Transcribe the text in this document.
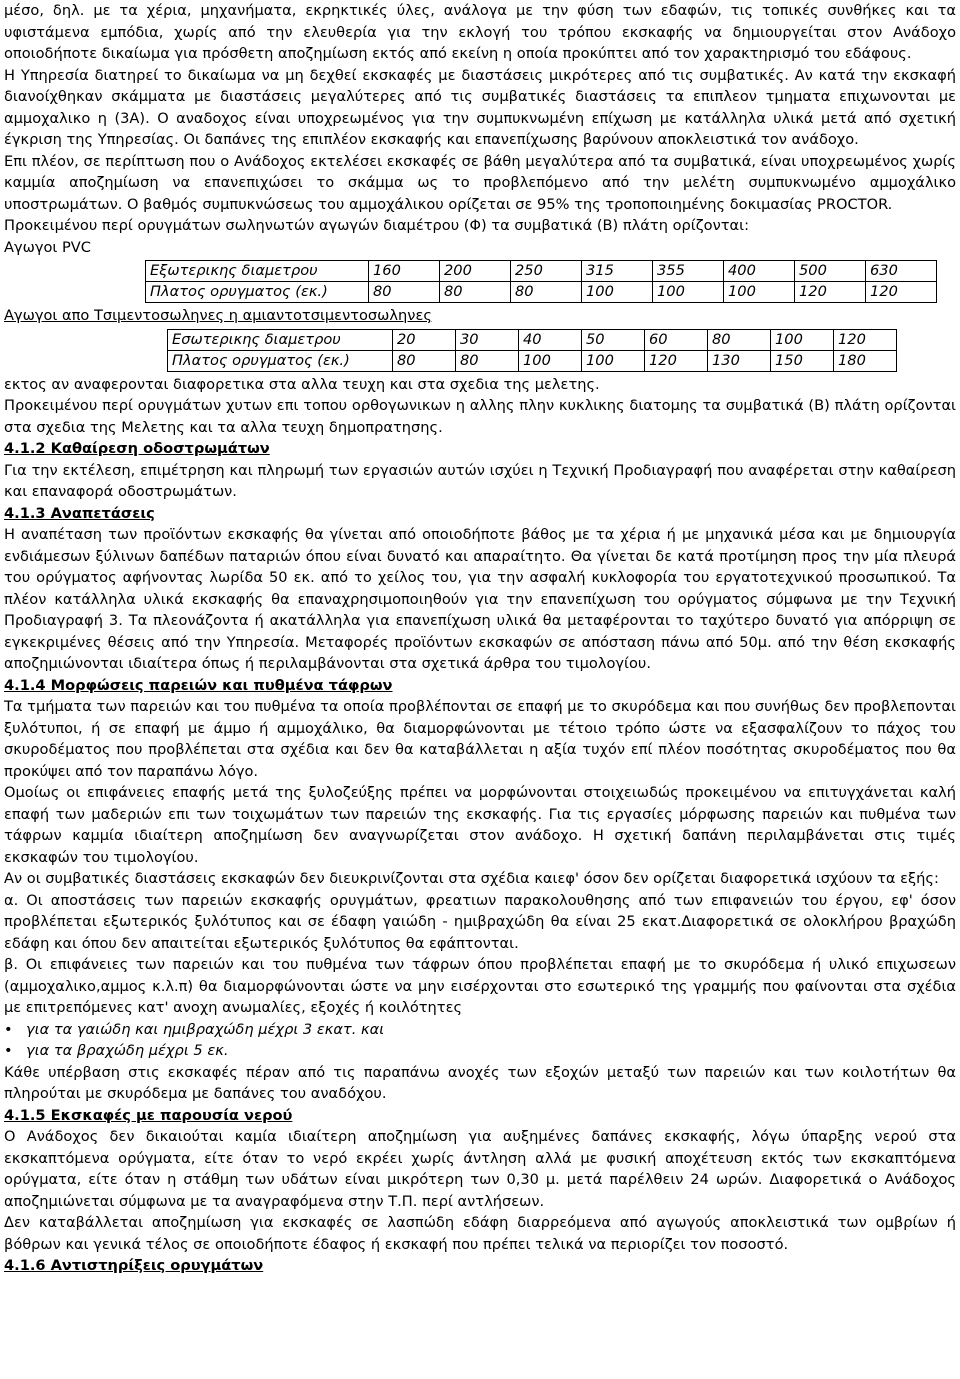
μέσο, δηλ. με τα χέρια, μηχανήματα, εκρηκτικές ύλες, ανάλογα με την φύση των εδαφών, τις τοπικές συνθήκες και τα υφιστάμενα εμπόδια, χωρίς από την ελευθερία για την εκλογή του τρόπου εκσκαφής να δημιουργείται στον Ανάδοχο οποιοδήποτε δικαίωμα για πρόσθετη αποζημίωση εκτός από εκείνη η οποία προκύπτει από τον χαρακτηρισμό του εδάφους.

Η Υπηρεσία διατηρεί το δικαίωμα να μη δεχθεί εκσκαφές με διαστάσεις μικρότερες από τις συμβατικές. Αν κατά την εκσκαφή διανοίχθηκαν σκάμματα με διαστάσεις μεγαλύτερες από τις συμβατικές διαστάσεις τα επιπλεον τμηματα επιχωνονται με αμμοχαλικο η (3Α). Ο αναδοχος είναι υποχρεωμένος για την συμπυκνωμένη επίχωση με κατάλληλα υλικά μετά από σχετική έγκριση της Υπηρεσίας. Οι δαπάνες της επιπλέον εκσκαφής και επανεπίχωσης βαρύνουν αποκλειστικά τον ανάδοχο.

Επι πλέον, σε περίπτωση που ο Ανάδοχος εκτελέσει εκσκαφές σε βάθη μεγαλύτερα από τα συμβατικά, είναι υποχρεωμένος χωρίς καμμία αποζημίωση να επανεπιχώσει το σκάμμα ως το προβλεπόμενο από την μελέτη συμπυκνωμένο αμμοχάλικο υποστρωμάτων. Ο βαθμός συμπυκνώσεως του αμμοχάλικου ορίζεται σε 95% της τροποποιημένης δοκιμασίας PROCTOR.

Προκειμένου περί ορυγμάτων σωληνωτών αγωγών διαμέτρου (Φ) τα συμβατικά (Β) πλάτη ορίζονται:

Αγωγοι PVC

Εξωτερικης διαμετρου	160	200	250	315	355	400	500	630
Πλατος ορυγματος (εκ.)	80	80	80	100	100	100	120	120

Αγωγοι απο Τσιμεντοσωληνες η αμιαντοτσιμεντοσωληνες

Εσωτερικης διαμετρου	20	30	40	50	60	80	100	120
Πλατος ορυγματος (εκ.)	80	80	100	100	120	130	150	180

εκτος αν αναφερονται διαφορετικα στα αλλα τευχη και στα σχεδια της μελετης.

Προκειμένου περί ορυγμάτων χυτων επι τοπου ορθογωνικων η αλλης πλην κυκλικης διατομης τα συμβατικά (Β) πλάτη ορίζονται στα σχεδια της Μελετης και τα αλλα τευχη δημοπρατησης.

4.1.2 Καθαίρεση οδοστρωμάτων

Για την εκτέλεση, επιμέτρηση και πληρωμή των εργασιών αυτών ισχύει η Τεχνική Προδιαγραφή που αναφέρεται στην καθαίρεση και επαναφορά οδοστρωμάτων.

4.1.3 Αναπετάσεις

Η αναπέταση των προϊόντων εκσκαφής θα γίνεται από οποιοδήποτε βάθος με τα χέρια ή με μηχανικά μέσα και με δημιουργία ενδιάμεσων ξύλινων δαπέδων παταριών όπου είναι δυνατό και απαραίτητο. Θα γίνεται δε κατά προτίμηση προς την μία πλευρά του ορύγματος αφήνοντας λωρίδα 50 εκ. από το χείλος του, για την ασφαλή κυκλοφορία του εργατοτεχνικού προσωπικού. Τα πλέον κατάλληλα υλικά εκσκαφής θα επαναχρησιμοποιηθούν για την επανεπίχωση του ορύγματος σύμφωνα με την Τεχνική Προδιαγραφή 3. Τα πλεονάζοντα ή ακατάλληλα για επανεπίχωση υλικά θα μεταφέρονται το ταχύτερο δυνατό για απόρριψη σε εγκεκριμένες θέσεις από την Υπηρεσία. Μεταφορές προϊόντων εκσκαφών σε απόσταση πάνω από 50μ. από την θέση εκσκαφής αποζημιώνονται ιδιαίτερα όπως ή περιλαμβάνονται στα σχετικά άρθρα του τιμολογίου.

4.1.4 Μορφώσεις παρειών και πυθμένα τάφρων

Τα τμήματα των παρειών και του πυθμένα τα οποία προβλέπονται σε επαφή με το σκυρόδεμα και που συνήθως δεν προβλεπονται ξυλότυποι, ή σε επαφή με άμμο ή αμμοχάλικο, θα διαμορφώνονται με τέτοιο τρόπο ώστε να εξασφαλίζουν το πάχος του σκυροδέματος που προβλέπεται στα σχέδια και δεν θα καταβάλλεται η αξία τυχόν επί πλέον ποσότητας σκυροδέματος που θα προκύψει από τον παραπάνω λόγο.

Ομοίως οι επιφάνειες επαφής μετά της ξυλοζεύξης πρέπει να μορφώνονται στοιχειωδώς προκειμένου να επιτυγχάνεται καλή επαφή των μαδεριών επι των τοιχωμάτων των παρειών της εκσκαφής. Για τις εργασίες μόρφωσης παρειών και πυθμένα των τάφρων καμμία ιδιαίτερη αποζημίωση δεν αναγνωρίζεται στον ανάδοχο. Η σχετική δαπάνη περιλαμβάνεται στις τιμές εκσκαφών του τιμολογίου.

Αν οι συμβατικές διαστάσεις εκσκαφών δεν διευκρινίζονται στα σχέδια καιεφ' όσον δεν ορίζεται διαφορετικά ισχύουν τα εξής:

α. Οι αποστάσεις των παρειών εκσκαφής ορυγμάτων, φρεατιων παρακολουθησης από των επιφανειών του έργου, εφ' όσον προβλέπεται εξωτερικός ξυλότυπος και σε έδαφη γαιώδη - ημιβραχώδη θα είναι 25 εκατ.Διαφορετικά σε ολοκλήρου βραχώδη εδάφη και όπου δεν απαιτείται εξωτερικός ξυλότυπος θα εφάπτονται.

β. Οι επιφάνειες των παρειών και του πυθμένα των τάφρων όπου προβλέπεται επαφή με το σκυρόδεμα ή υλικό επιχωσεων (αμμοχαλικο,αμμος κ.λ.π) θα διαμορφώνονται ώστε να μην εισέρχονται στο εσωτερικό της γραμμής που φαίνονται στα σχέδια με επιτρεπόμενες κατ' ανοχη ανωμαλίες, εξοχές ή κοιλότητες

• για τα γαιώδη και ημιβραχώδη μέχρι 3 εκατ. και
• για τα βραχώδη μέχρι 5 εκ.

Κάθε υπέρβαση στις εκσκαφές πέραν από τις παραπάνω ανοχές των εξοχών μεταξύ των παρειών και των κοιλοτήτων θα πληρούται με σκυρόδεμα με δαπάνες του αναδόχου.

4.1.5 Εκσκαφές με παρουσία νερού

Ο Ανάδοχος δεν δικαιούται καμία ιδιαίτερη αποζημίωση για αυξημένες δαπάνες εκσκαφής, λόγω ύπαρξης νερού στα εκσκαπτόμενα ορύγματα, είτε όταν το νερό εκρέει χωρίς άντληση αλλά με φυσική αποχέτευση εκτός των εκσκαπτόμενα ορύγματα, είτε όταν η στάθμη των υδάτων είναι μικρότερη των 0,30 μ. μετά παρέλθειν 24 ωρών. Διαφορετικά ο Ανάδοχος αποζημιώνεται σύμφωνα με τα αναγραφόμενα στην Τ.Π. περί αντλήσεων.

Δεν καταβάλλεται αποζημίωση για εκσκαφές σε λασπώδη εδάφη διαρρεόμενα από αγωγούς αποκλειστικά των ομβρίων ή βόθρων και γενικά τέλος σε οποιοδήποτε έδαφος ή εκσκαφή που πρέπει τελικά να περιορίζει τον ποσοστό.

4.1.6 Αντιστηρίξεις ορυγμάτων
